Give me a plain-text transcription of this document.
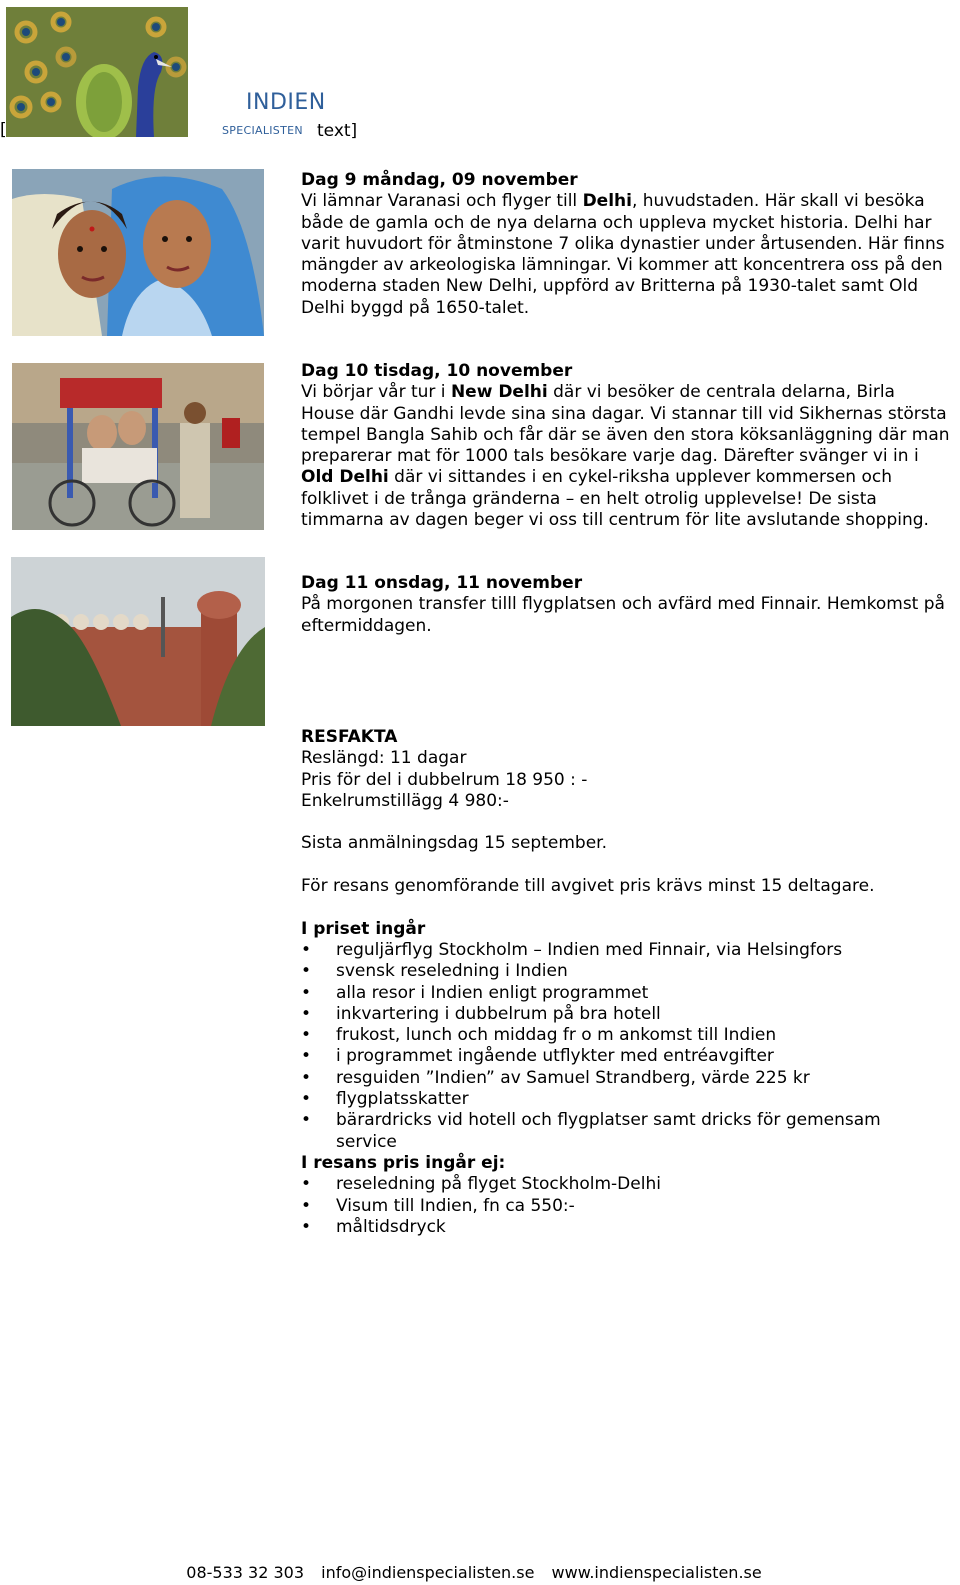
[
INDIEN
SPECIALISTEN text]
Dag 9 måndag, 09 november
Vi lämnar Varanasi och flyger till Delhi, huvudstaden. Här skall vi besöka både de gamla och de nya delarna och uppleva mycket historia. Delhi har varit huvudort för åtminstone 7 olika dynastier under årtusenden. Här finns mängder av arkeologiska lämningar. Vi kommer att koncentrera oss på den moderna staden New Delhi, uppförd av Britterna på 1930-talet samt Old Delhi byggd på 1650-talet.
Dag 10 tisdag, 10 november
Vi börjar vår tur i New Delhi där vi besöker de centrala delarna, Birla House där Gandhi levde sina sina dagar. Vi stannar till vid Sikhernas största tempel Bangla Sahib och får där se även den stora köksanläggning där man preparerar mat för 1000 tals besökare varje dag. Därefter svänger vi in i Old Delhi där vi sittandes i en cykel-riksha upplever kommersen och folklivet i de trånga gränderna – en helt otrolig upplevelse! De sista timmarna av dagen beger vi oss till centrum för lite avslutande shopping.
Dag 11 onsdag, 11 november
På morgonen transfer tilll flygplatsen och avfärd med Finnair. Hemkomst på eftermiddagen.
RESFAKTA
Reslängd: 11 dagar
Pris för del i dubbelrum 18 950 : -
Enkelrumstillägg 4 980:-
Sista anmälningsdag 15 september.
För resans genomförande till avgivet pris krävs minst 15 deltagare.
I priset ingår
• reguljärflyg Stockholm – Indien med Finnair, via Helsingfors
• svensk reseledning i Indien
• alla resor i Indien enligt programmet
• inkvartering i dubbelrum på bra hotell
• frukost, lunch och middag fr o m ankomst till Indien
• i programmet ingående utflykter med entréavgifter
• resguiden ”Indien” av Samuel Strandberg, värde 225 kr
• flygplatsskatter
• bärardricks vid hotell och flygplatser samt dricks för gemensam service
I resans pris ingår ej:
• reseledning på flyget Stockholm-Delhi
• Visum till Indien, fn ca 550:-
• måltidsdryck
08-533 32 303 info@indienspecialisten.se www.indienspecialisten.se
